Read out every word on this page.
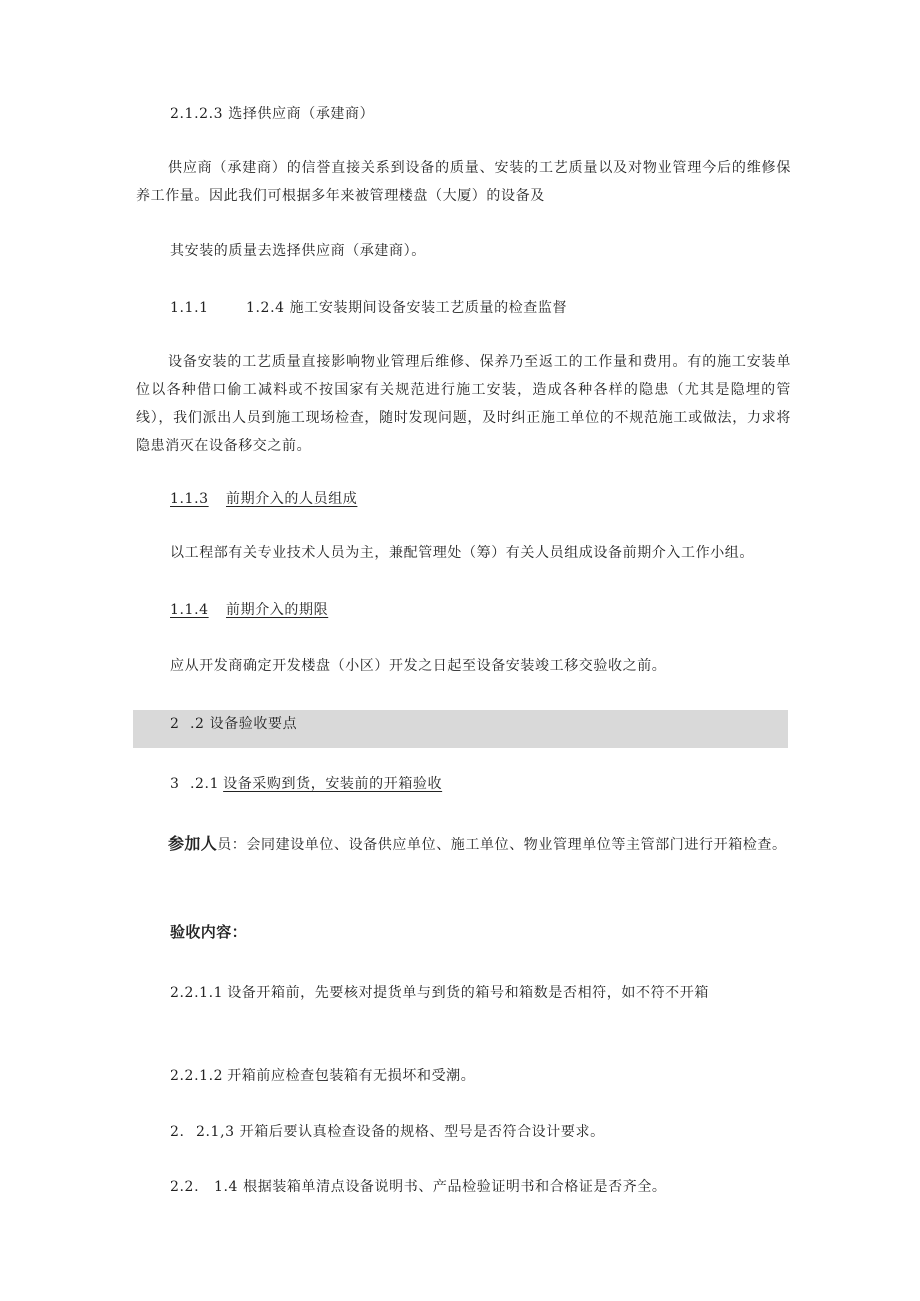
2.1.2.3 选择供应商（承建商）

供应商（承建商）的信誉直接关系到设备的质量、安装的工艺质量以及对物业管理今后的维修保养工作量。因此我们可根据多年来被管理楼盘（大厦）的设备及

其安装的质量去选择供应商（承建商）。

1.1.1	1.2.4 施工安装期间设备安装工艺质量的检查监督

设备安装的工艺质量直接影响物业管理后维修、保养乃至返工的工作量和费用。有的施工安装单位以各种借口偷工减料或不按国家有关规范进行施工安装，造成各种各样的隐患（尤其是隐埋的管线），我们派出人员到施工现场检查，随时发现问题，及时纠正施工单位的不规范施工或做法，力求将隐患消灭在设备移交之前。

1.1.3 前期介入的人员组成
以工程部有关专业技术人员为主，兼配管理处（筹）有关人员组成设备前期介入工作小组。
1.1.4 前期介入的期限
应从开发商确定开发楼盘（小区）开发之日起至设备安装竣工移交验收之前。
2 .2 设备验收要点
3 .2.1 设备采购到货，安装前的开箱验收

参加人员：会同建设单位、设备供应单位、施工单位、物业管理单位等主管部门进行开箱检查。

验收内容：
2.2.1.1 设备开箱前，先要核对提货单与到货的箱号和箱数是否相符，如不符不开箱
2.2.1.2 开箱前应检查包装箱有无损坏和受潮。
2. 2.1,3 开箱后要认真检查设备的规格、型号是否符合设计要求。
2.2. 1.4 根据装箱单清点设备说明书、产品检验证明书和合格证是否齐全。
